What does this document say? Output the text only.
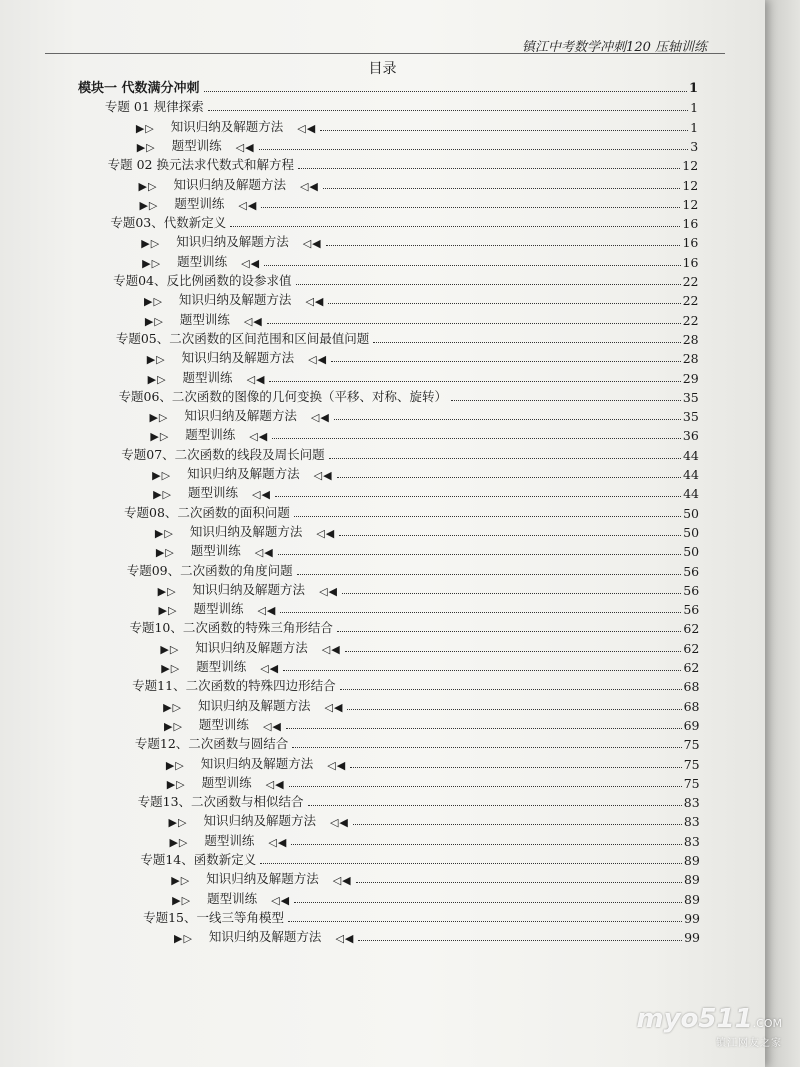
镇江中考数学冲刺120 压轴训练
目录
模块一 代数满分冲刺	1
专题 01 规律探索	1
▶▷ 知识归纳及解题方法 ◁◀	1
▶▷ 题型训练 ◁◀	3
专题 02 换元法求代数式和解方程	12
▶▷ 知识归纳及解题方法 ◁◀	12
▶▷ 题型训练 ◁◀	12
专题03、代数新定义	16
▶▷ 知识归纳及解题方法 ◁◀	16
▶▷ 题型训练 ◁◀	16
专题04、反比例函数的设参求值	22
▶▷ 知识归纳及解题方法 ◁◀	22
▶▷ 题型训练 ◁◀	22
专题05、二次函数的区间范围和区间最值问题	28
▶▷ 知识归纳及解题方法 ◁◀	28
▶▷ 题型训练 ◁◀	29
专题06、二次函数的图像的几何变换（平移、对称、旋转）	35
▶▷ 知识归纳及解题方法 ◁◀	35
▶▷ 题型训练 ◁◀	36
专题07、二次函数的线段及周长问题	44
▶▷ 知识归纳及解题方法 ◁◀	44
▶▷ 题型训练 ◁◀	44
专题08、二次函数的面积问题	50
▶▷ 知识归纳及解题方法 ◁◀	50
▶▷ 题型训练 ◁◀	50
专题09、二次函数的角度问题	56
▶▷ 知识归纳及解题方法 ◁◀	56
▶▷ 题型训练 ◁◀	56
专题10、二次函数的特殊三角形结合	62
▶▷ 知识归纳及解题方法 ◁◀	62
▶▷ 题型训练 ◁◀	62
专题11、二次函数的特殊四边形结合	68
▶▷ 知识归纳及解题方法 ◁◀	68
▶▷ 题型训练 ◁◀	69
专题12、二次函数与圆结合	75
▶▷ 知识归纳及解题方法 ◁◀	75
▶▷ 题型训练 ◁◀	75
专题13、二次函数与相似结合	83
▶▷ 知识归纳及解题方法 ◁◀	83
▶▷ 题型训练 ◁◀	83
专题14、函数新定义	89
▶▷ 知识归纳及解题方法 ◁◀	89
▶▷ 题型训练 ◁◀	89
专题15、一线三等角模型	99
▶▷ 知识归纳及解题方法 ◁◀	99
myo511.COM
镇江网友之家
